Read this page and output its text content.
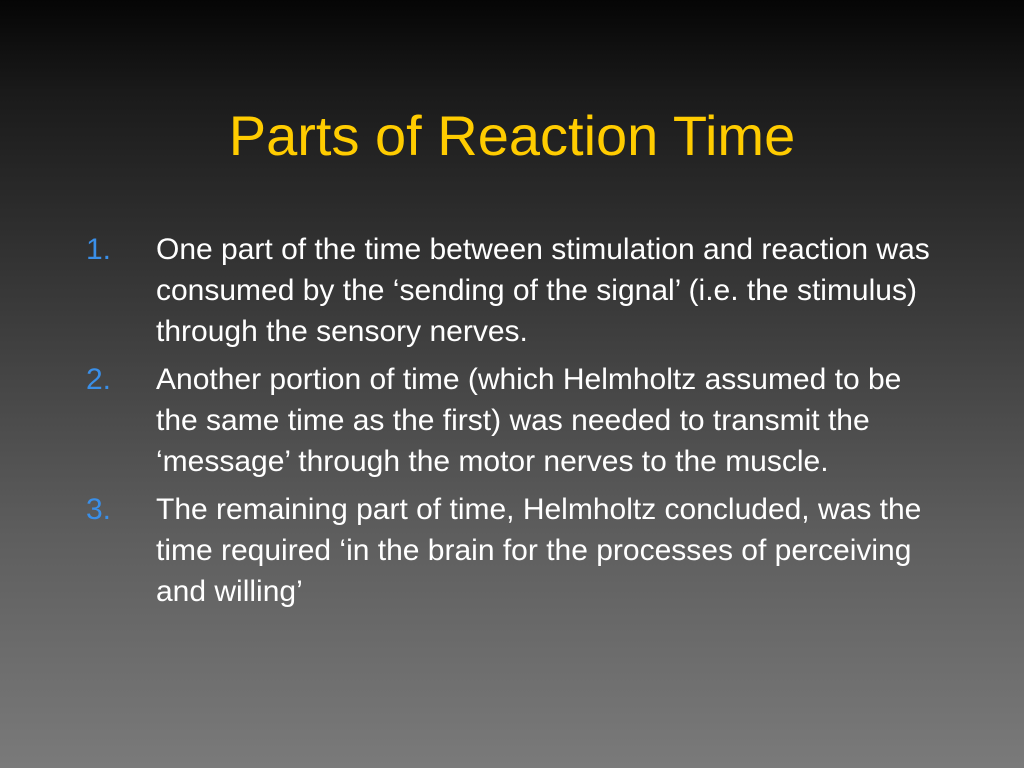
Parts of Reaction Time
1. One part of the time between stimulation and reaction was consumed by the ‘sending of the signal’ (i.e. the stimulus) through the sensory nerves.
2. Another portion of time (which Helmholtz assumed to be the same time as the first) was needed to transmit the ‘message’ through the motor nerves to the muscle.
3. The remaining part of time, Helmholtz concluded, was the time required ‘in the brain for the processes of perceiving and willing’
